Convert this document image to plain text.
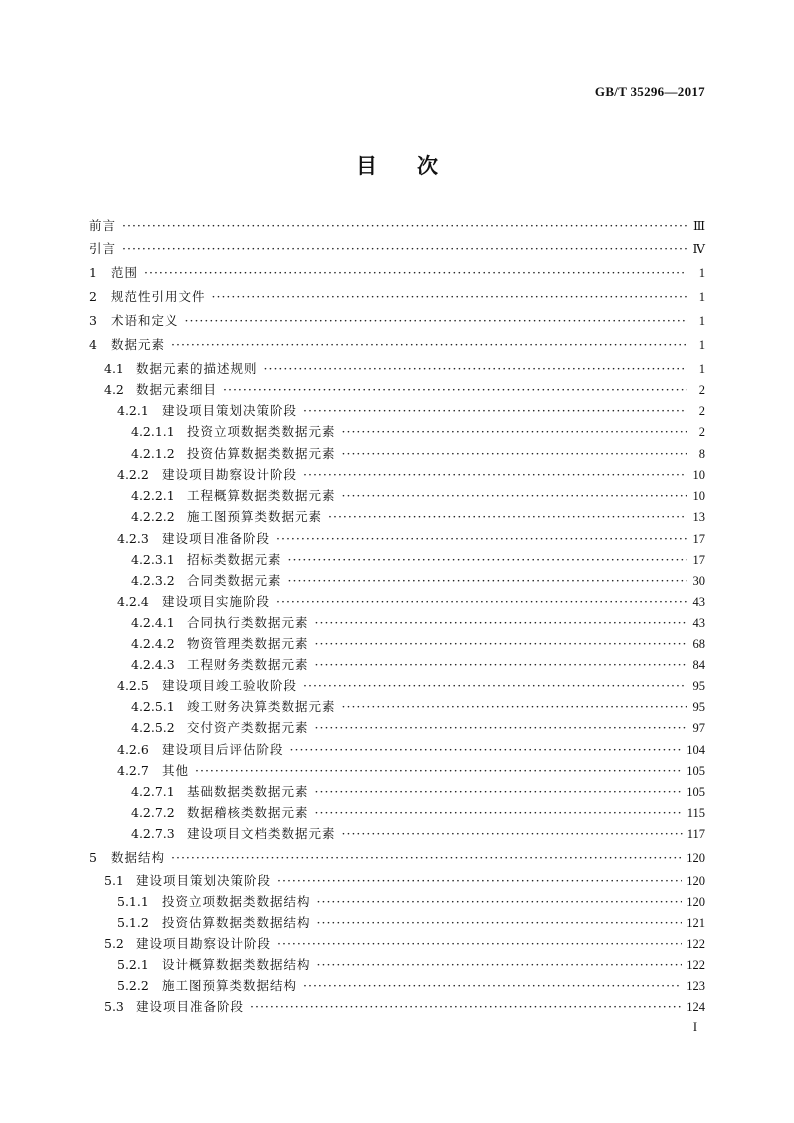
GB/T 35296—2017
目次
前言 ·····	Ⅲ
引言 ·····	Ⅳ
1	范围 ·····	1
2	规范性引用文件 ·····	1
3	术语和定义 ·····	1
4	数据元素 ·····	1
4.1 数据元素的描述规则 ·····	1
4.2 数据元素细目 ·····	2
4.2.1	建设项目策划决策阶段 ·····	2
4.2.1.1 投资立项数据类数据元素 ·····	2
4.2.1.2 投资估算数据类数据元素 ·····	8
4.2.2	建设项目勘察设计阶段 ·····	10
4.2.2.1 工程概算数据类数据元素 ·····	10
4.2.2.2 施工图预算类数据元素 ·····	13
4.2.3	建设项目准备阶段 ·····	17
4.2.3.1 招标类数据元素 ·····	17
4.2.3.2 合同类数据元素 ·····	30
4.2.4	建设项目实施阶段 ·····	43
4.2.4.1 合同执行类数据元素 ·····	43
4.2.4.2 物资管理类数据元素 ·····	68
4.2.4.3 工程财务类数据元素 ·····	84
4.2.5	建设项目竣工验收阶段 ·····	95
4.2.5.1 竣工财务决算类数据元素 ·····	95
4.2.5.2 交付资产类数据元素 ·····	97
4.2.6	建设项目后评估阶段 ·····	104
4.2.7	其他 ·····	105
4.2.7.1 基础数据类数据元素 ·····	105
4.2.7.2 数据稽核类数据元素 ·····	115
4.2.7.3 建设项目文档类数据元素 ·····	117
5	数据结构 ·····	120
5.1 建设项目策划决策阶段 ·····	120
5.1.1	投资立项数据类数据结构 ·····	120
5.1.2	投资估算数据类数据结构 ·····	121
5.2 建设项目勘察设计阶段 ·····	122
5.2.1	设计概算数据类数据结构 ·····	122
5.2.2	施工图预算类数据结构 ·····	123
5.3 建设项目准备阶段 ·····	124
I
